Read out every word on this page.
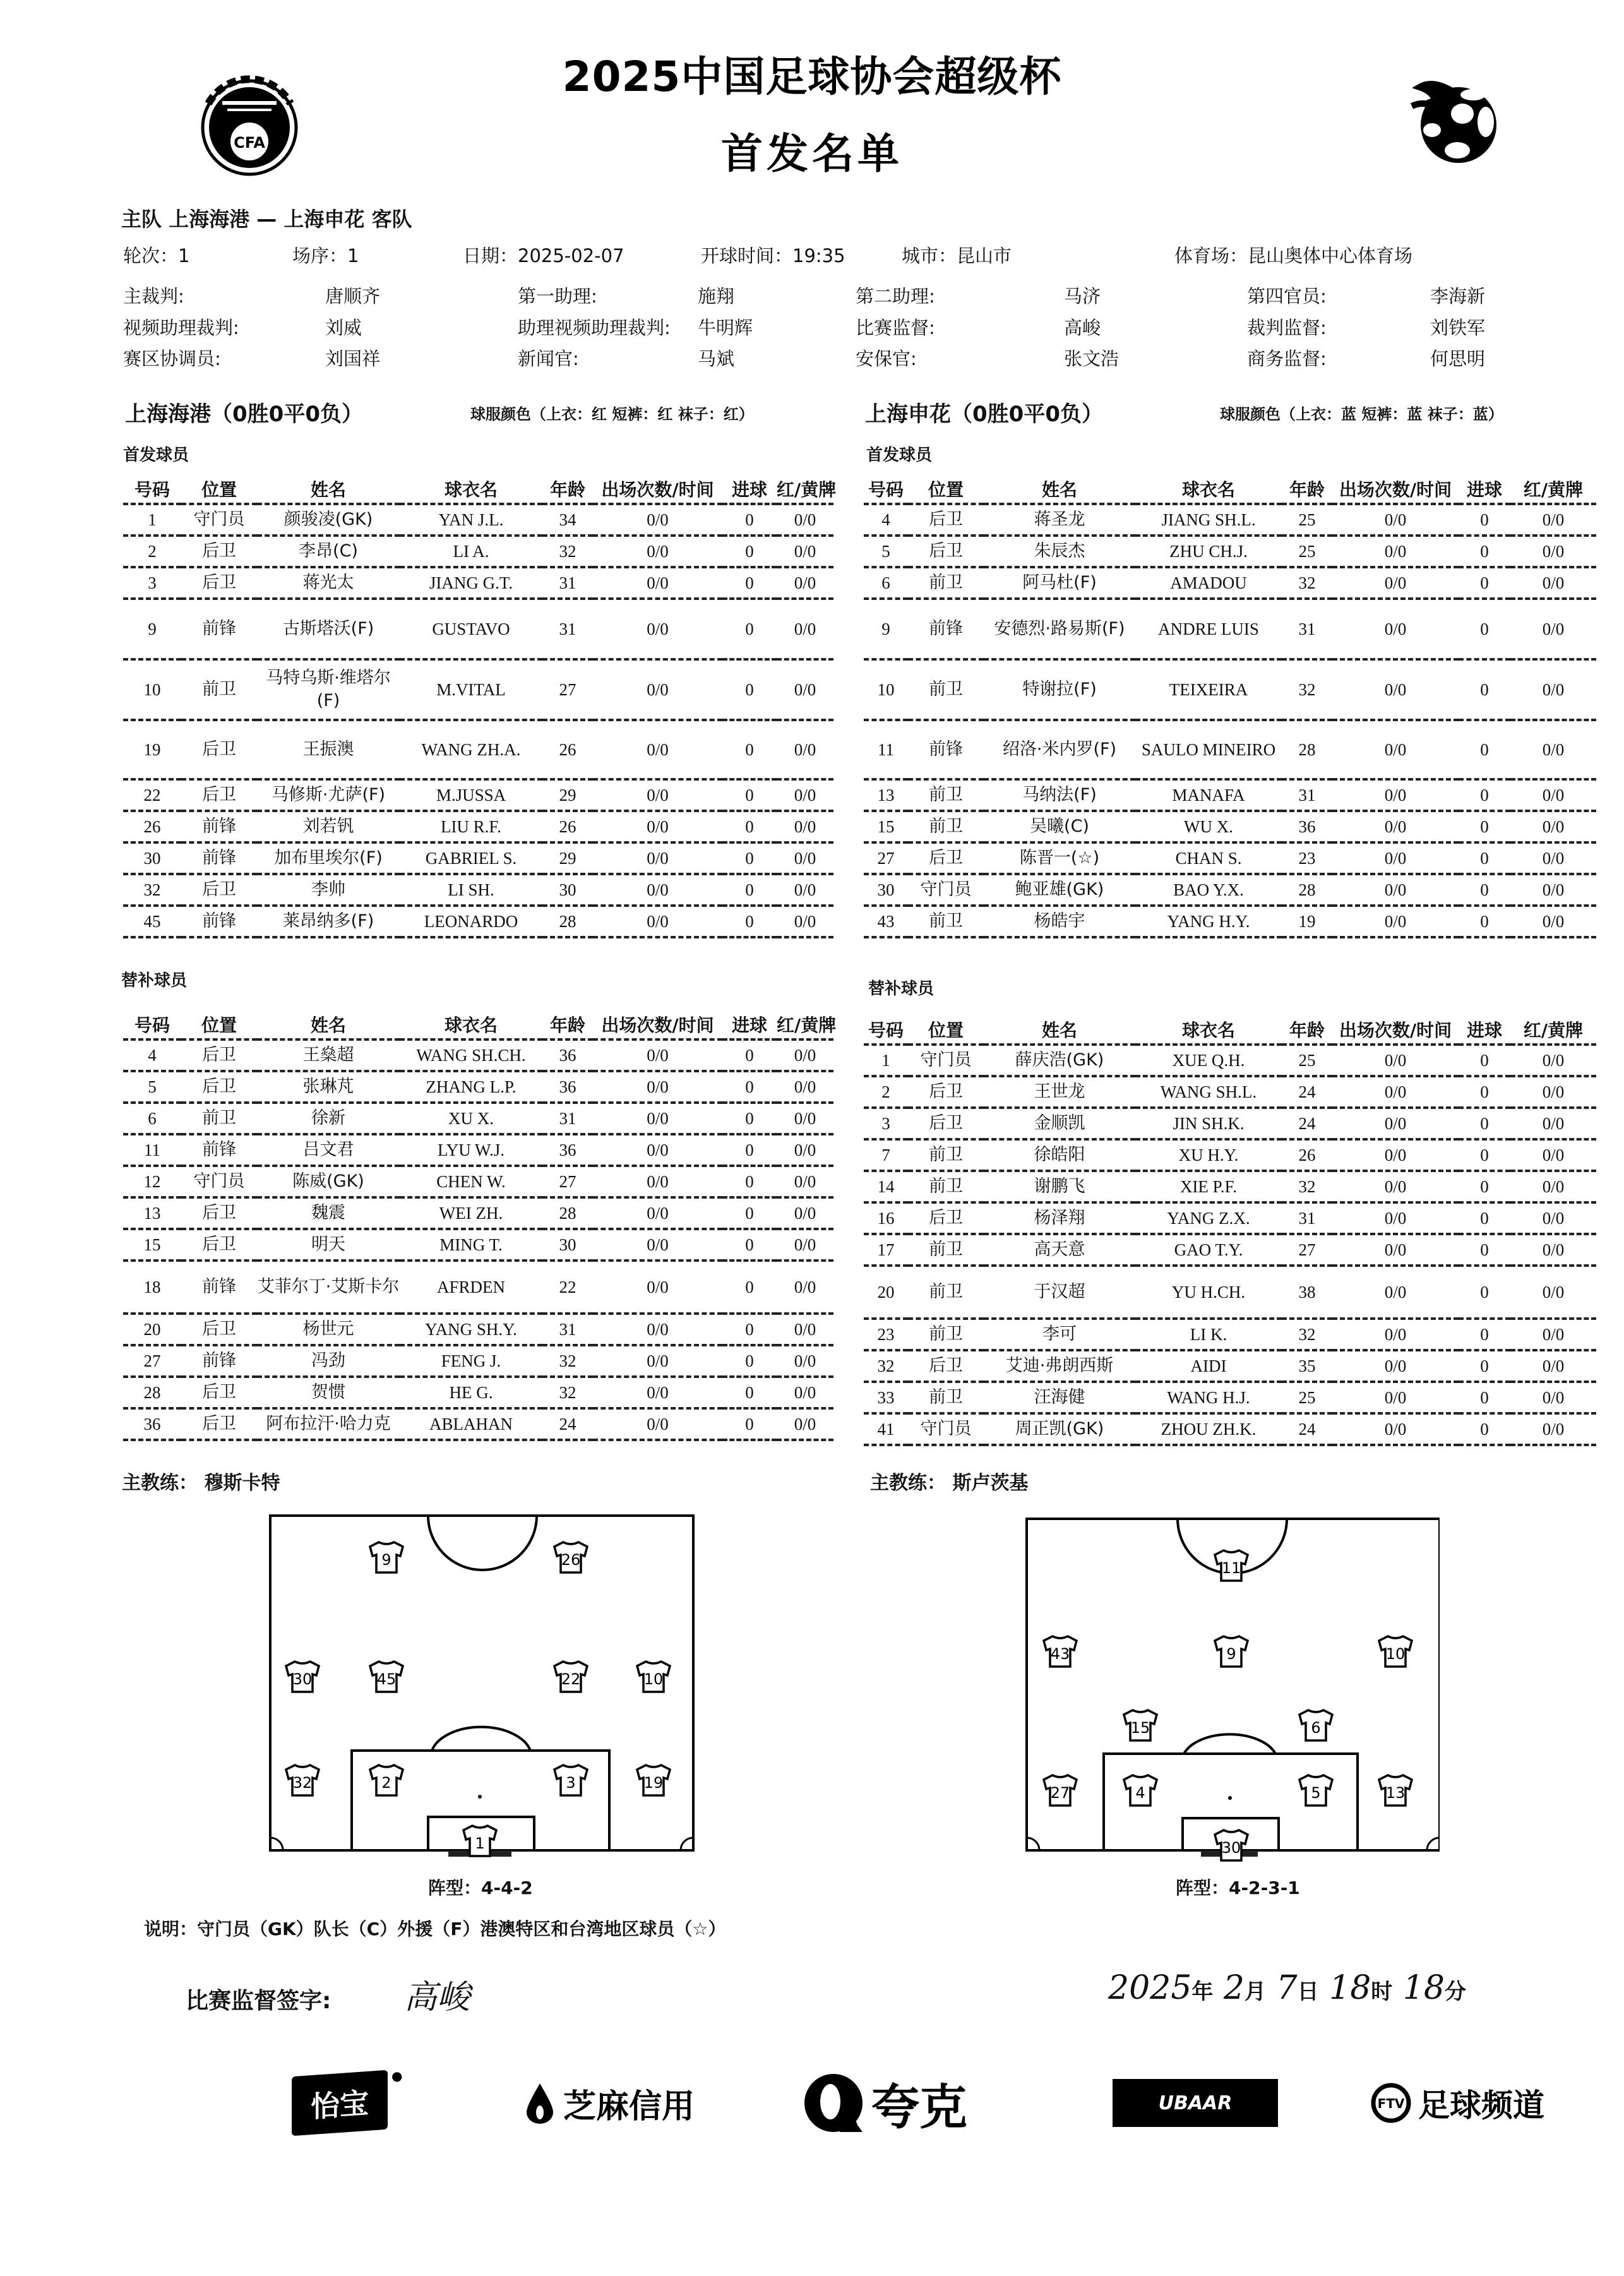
CFA
2025中国足球协会超级杯
首发名单
主队 上海海港 — 上海申花 客队
轮次：1	场序：1	日期：2025-02-07	开球时间：19:35	城市：昆山市	体育场：昆山奥体中心体育场
主裁判:	唐顺齐	第一助理:	施翔	第二助理:	马济	第四官员:	李海新
视频助理裁判:	刘威	助理视频助理裁判: 牛明辉	比赛监督:	高峻	裁判监督:	刘铁军
赛区协调员:	刘国祥	新闻官:	马斌	安保官:	张文浩	商务监督:	何思明
上海海港（0胜0平0负）	球服颜色（上衣：红 短裤：红 袜子：红）	上海申花（0胜0平0负）	球服颜色（上衣：蓝 短裤：蓝 袜子：蓝）
首发球员	首发球员
号码	位置	姓名	球衣名	年龄	出场次数/时间	进球	红/黄牌
1	守门员	颜骏凌(GK)	YAN J.L.	34	0/0	0	0/0
2	后卫	李昂(C)	LI A.	32	0/0	0	0/0
3	后卫	蒋光太	JIANG G.T.	31	0/0	0	0/0
9	前锋	古斯塔沃(F)	GUSTAVO	31	0/0	0	0/0
10	前卫	马特乌斯·维塔尔(F)	M.VITAL	27	0/0	0	0/0
19	后卫	王振澳	WANG ZH.A.	26	0/0	0	0/0
22	后卫	马修斯·尤萨(F)	M.JUSSA	29	0/0	0	0/0
26	前锋	刘若钒	LIU R.F.	26	0/0	0	0/0
30	前锋	加布里埃尔(F)	GABRIEL S.	29	0/0	0	0/0
32	后卫	李帅	LI SH.	30	0/0	0	0/0
45	前锋	莱昂纳多(F)	LEONARDO	28	0/0	0	0/0
号码	位置	姓名	球衣名	年龄	出场次数/时间	进球	红/黄牌
4	后卫	蒋圣龙	JIANG SH.L.	25	0/0	0	0/0
5	后卫	朱辰杰	ZHU CH.J.	25	0/0	0	0/0
6	前卫	阿马杜(F)	AMADOU	32	0/0	0	0/0
9	前锋	安德烈·路易斯(F)	ANDRE LUIS	31	0/0	0	0/0
10	前卫	特谢拉(F)	TEIXEIRA	32	0/0	0	0/0
11	前锋	绍洛·米内罗(F)	SAULO MINEIRO	28	0/0	0	0/0
13	前卫	马纳法(F)	MANAFA	31	0/0	0	0/0
15	前卫	吴曦(C)	WU X.	36	0/0	0	0/0
27	后卫	陈晋一(☆)	CHAN S.	23	0/0	0	0/0
30	守门员	鲍亚雄(GK)	BAO Y.X.	28	0/0	0	0/0
43	前卫	杨皓宇	YANG H.Y.	19	0/0	0	0/0
替补球员	替补球员
号码	位置	姓名	球衣名	年龄	出场次数/时间	进球	红/黄牌
4	后卫	王燊超	WANG SH.CH.	36	0/0	0	0/0
5	后卫	张琳芃	ZHANG L.P.	36	0/0	0	0/0
6	前卫	徐新	XU X.	31	0/0	0	0/0
11	前锋	吕文君	LYU W.J.	36	0/0	0	0/0
12	守门员	陈威(GK)	CHEN W.	27	0/0	0	0/0
13	后卫	魏震	WEI ZH.	28	0/0	0	0/0
15	后卫	明天	MING T.	30	0/0	0	0/0
18	前锋	艾菲尔丁·艾斯卡尔	AFRDEN	22	0/0	0	0/0
20	后卫	杨世元	YANG SH.Y.	31	0/0	0	0/0
27	前锋	冯劲	FENG J.	32	0/0	0	0/0
28	后卫	贺惯	HE G.	32	0/0	0	0/0
36	后卫	阿布拉汗·哈力克	ABLAHAN	24	0/0	0	0/0
号码	位置	姓名	球衣名	年龄	出场次数/时间	进球	红/黄牌
1	守门员	薛庆浩(GK)	XUE Q.H.	25	0/0	0	0/0
2	后卫	王世龙	WANG SH.L.	24	0/0	0	0/0
3	后卫	金顺凯	JIN SH.K.	24	0/0	0	0/0
7	前卫	徐皓阳	XU H.Y.	26	0/0	0	0/0
14	前卫	谢鹏飞	XIE P.F.	32	0/0	0	0/0
16	后卫	杨泽翔	YANG Z.X.	31	0/0	0	0/0
17	前卫	高天意	GAO T.Y.	27	0/0	0	0/0
20	前卫	于汉超	YU H.CH.	38	0/0	0	0/0
23	前卫	李可	LI K.	32	0/0	0	0/0
32	后卫	艾迪·弗朗西斯	AIDI	35	0/0	0	0/0
33	前卫	汪海健	WANG H.J.	25	0/0	0	0/0
41	守门员	周正凯(GK)	ZHOU ZH.K.	24	0/0	0	0/0
主教练： 穆斯卡特	主教练： 斯卢茨基
9	26
30	45	22	10
32	2	3	19
1
阵型：4-4-2
11
43	9	10
15	6
27	4	5	13
30
阵型：4-2-3-1
说明：守门员（GK）队长（C）外援（F）港澳特区和台湾地区球员（☆）
比赛监督签字: 高峻	2025年 2月 7日 18时 18分
怡宝
●
芝麻信用	夸克	UBAAR	FTV 足球频道
